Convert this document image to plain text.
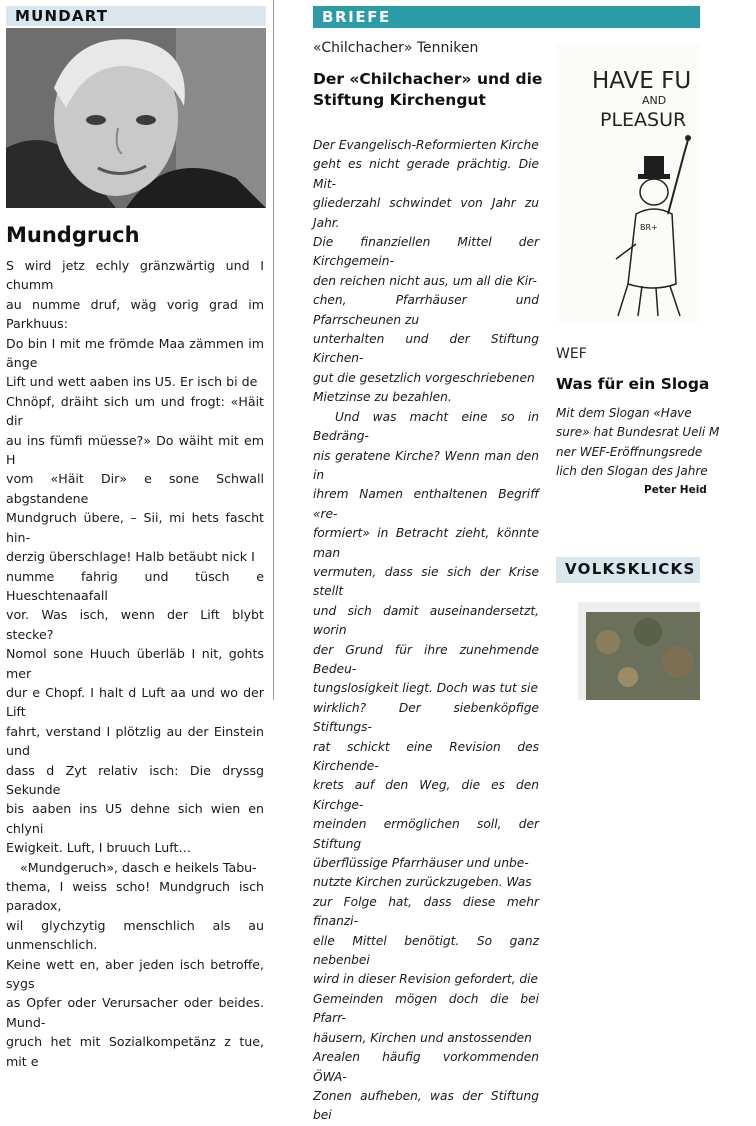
MUNDART
Mundgruch

S wird jetz echly gränzwärtig und I chumm
au numme druf, wäg vorig grad im Parkhuus:
Do bin I mit me frömde Maa zämmen im änge
Lift und wett aaben ins U5. Er isch bi de
Chnöpf, dräiht sich um und frogt: «Häit dir
au ins fümfi müesse?» Do wäiht mit em H
vom «Häit Dir» e sone Schwall abgstandene
Mundgruch übere, – Sii, mi hets fascht hin-
derzig überschlage! Halb betäubt nick I
numme fahrig und tüsch e Hueschtenaafall
vor. Was isch, wenn der Lift blybt stecke?
Nomol sone Huuch überläb I nit, gohts mer
dur e Chopf. I halt d Luft aa und wo der Lift
fahrt, verstand I plötzlig au der Einstein und
dass d Zyt relativ isch: Die dryssg Sekunde
bis aaben ins U5 dehne sich wien en chlyni
Ewigkeit. Luft, I bruuch Luft…

«Mundgeruch», dasch e heikels Tabu-
thema, I weiss scho! Mundgruch isch paradox,
wil glychzytig menschlich als au unmenschlich.
Keine wett en, aber jeden isch betroffe, sygs
as Opfer oder Verursacher oder beides. Mund-
gruch het mit Sozialkompetänz z tue, mit e

BRIEFE
«Chilchacher» Tenniken
Der «Chilchacher» und die
Stiftung Kirchengut

Der Evangelisch-Reformierten Kirche
geht es nicht gerade prächtig. Die Mit-
gliederzahl schwindet von Jahr zu Jahr.
Die finanziellen Mittel der Kirchgemein-
den reichen nicht aus, um all die Kir-
chen, Pfarrhäuser und Pfarrscheunen zu
unterhalten und der Stiftung Kirchen-
gut die gesetzlich vorgeschriebenen
Mietzinse zu bezahlen.

Und was macht eine so in Bedräng-
nis geratene Kirche? Wenn man den in
ihrem Namen enthaltenen Begriff «re-
formiert» in Betracht zieht, könnte man
vermuten, dass sie sich der Krise stellt
und sich damit auseinandersetzt, worin
der Grund für ihre zunehmende Bedeu-
tungslosigkeit liegt. Doch was tut sie
wirklich? Der siebenköpfige Stiftungs-
rat schickt eine Revision des Kirchende-
krets auf den Weg, die es den Kirchge-
meinden ermöglichen soll, der Stiftung
überflüssige Pfarrhäuser und unbe-
nutzte Kirchen zurückzugeben. Was
zur Folge hat, dass diese mehr finanzi-
elle Mittel benötigt. So ganz nebenbei
wird in dieser Revision gefordert, die
Gemeinden mögen doch die bei Pfarr-
häusern, Kirchen und anstossenden
Arealen häufig vorkommenden ÖWA-
Zonen aufheben, was der Stiftung bei

HAVE FU
AND
PLEASUR
BR+
WEF
Was für ein Sloga

Mit dem Slogan «Have
sure» hat Bundesrat Ueli M
ner WEF-Eröffnungsrede
lich den Slogan des Jahre

Peter Heid
VOLKSKLICKS
